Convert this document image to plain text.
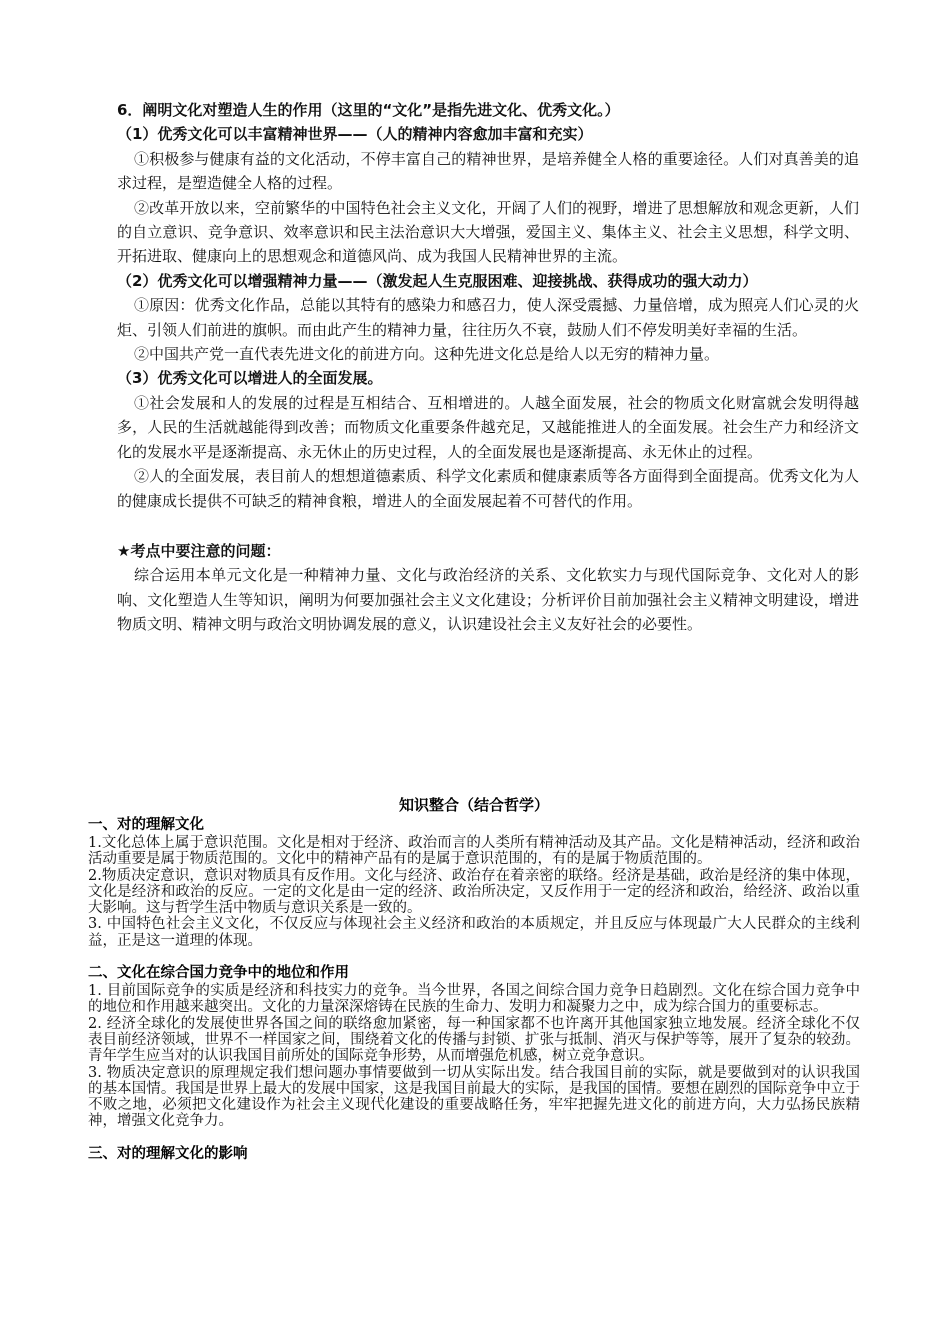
6．阐明文化对塑造人生的作用（这里的“文化”是指先进文化、优秀文化。）

（1）优秀文化可以丰富精神世界——（人的精神内容愈加丰富和充实）

①积极参与健康有益的文化活动，不停丰富自己的精神世界，是培养健全人格的重要途径。人们对真善美的追求过程，是塑造健全人格的过程。

②改革开放以来，空前繁华的中国特色社会主义文化，开阔了人们的视野，增进了思想解放和观念更新，人们的自立意识、竞争意识、效率意识和民主法治意识大大增强，爱国主义、集体主义、社会主义思想，科学文明、开拓进取、健康向上的思想观念和道德风尚、成为我国人民精神世界的主流。

（2）优秀文化可以增强精神力量——（激发起人生克服困难、迎接挑战、获得成功的强大动力）

①原因：优秀文化作品，总能以其特有的感染力和感召力，使人深受震撼、力量倍增，成为照亮人们心灵的火炬、引领人们前进的旗帜。而由此产生的精神力量，往往历久不衰，鼓励人们不停发明美好幸福的生活。

②中国共产党一直代表先进文化的前进方向。这种先进文化总是给人以无穷的精神力量。

（3）优秀文化可以增进人的全面发展。

①社会发展和人的发展的过程是互相结合、互相增进的。人越全面发展，社会的物质文化财富就会发明得越多，人民的生活就越能得到改善；而物质文化重要条件越充足，又越能推进人的全面发展。社会生产力和经济文化的发展水平是逐渐提高、永无休止的历史过程，人的全面发展也是逐渐提高、永无休止的过程。

②人的全面发展，表目前人的想想道德素质、科学文化素质和健康素质等各方面得到全面提高。优秀文化为人的健康成长提供不可缺乏的精神食粮，增进人的全面发展起着不可替代的作用。

★考点中要注意的问题：

综合运用本单元文化是一种精神力量、文化与政治经济的关系、文化软实力与现代国际竞争、文化对人的影响、文化塑造人生等知识，阐明为何要加强社会主义文化建设；分析评价目前加强社会主义精神文明建设，增进物质文明、精神文明与政治文明协调发展的意义，认识建设社会主义友好社会的必要性。

知识整合（结合哲学）
一、对的理解文化

1.文化总体上属于意识范围。文化是相对于经济、政治而言的人类所有精神活动及其产品。文化是精神活动，经济和政治活动重要是属于物质范围的。文化中的精神产品有的是属于意识范围的，有的是属于物质范围的。

2.物质决定意识，意识对物质具有反作用。文化与经济、政治存在着亲密的联络。经济是基础，政治是经济的集中体现，文化是经济和政治的反应。一定的文化是由一定的经济、政治所决定，又反作用于一定的经济和政治，给经济、政治以重大影响。这与哲学生活中物质与意识关系是一致的。

3. 中国特色社会主义文化，不仅反应与体现社会主义经济和政治的本质规定，并且反应与体现最广大人民群众的主线利益，正是这一道理的体现。

二、文化在综合国力竞争中的地位和作用

1. 目前国际竞争的实质是经济和科技实力的竞争。当今世界，各国之间综合国力竞争日趋剧烈。文化在综合国力竞争中的地位和作用越来越突出。文化的力量深深熔铸在民族的生命力、发明力和凝聚力之中，成为综合国力的重要标志。

2. 经济全球化的发展使世界各国之间的联络愈加紧密，每一种国家都不也许离开其他国家独立地发展。经济全球化不仅表目前经济领域，世界不一样国家之间，围绕着文化的传播与封锁、扩张与抵制、消灭与保护等等，展开了复杂的较劲。青年学生应当对的认识我国目前所处的国际竞争形势，从而增强危机感，树立竞争意识。

3. 物质决定意识的原理规定我们想问题办事情要做到一切从实际出发。结合我国目前的实际，就是要做到对的认识我国的基本国情。我国是世界上最大的发展中国家，这是我国目前最大的实际，是我国的国情。要想在剧烈的国际竞争中立于不败之地，必须把文化建设作为社会主义现代化建设的重要战略任务，牢牢把握先进文化的前进方向，大力弘扬民族精神，增强文化竞争力。

三、对的理解文化的影响
